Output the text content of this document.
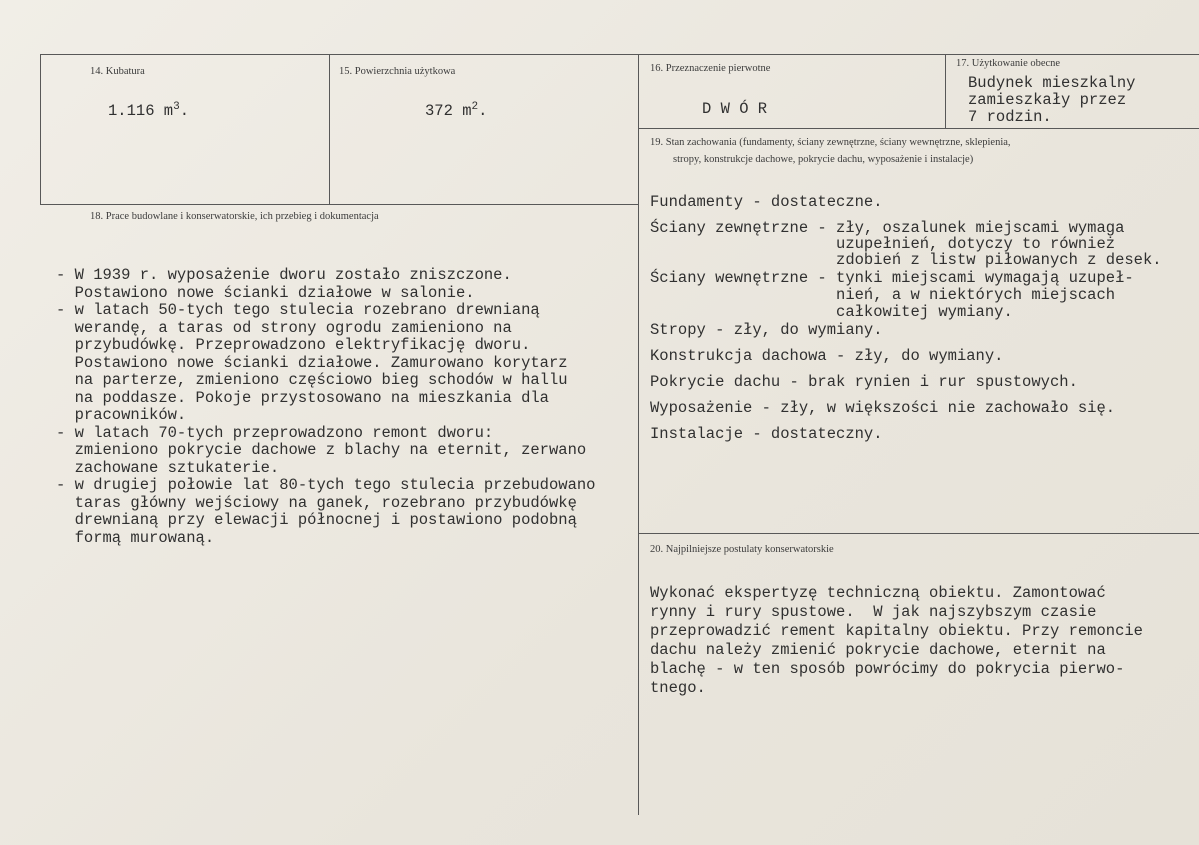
14. Kubatura
1.116 $m^3$.
15. Powierzchnia użytkowa
372 $m^2$.
16. Przeznaczenie pierwotne
D W Ó R
17. Użytkowanie obecne
Budynek mieszkalny
zamieszkały przez
7 rodzin.
19. Stan zachowania (fundamenty, ściany zewnętrzne, ściany wewnętrzne, sklepienia,
stropy, konstrukcje dachowe, pokrycie dachu, wyposażenie i instalacje)
Fundamenty - dostateczne.
Ściany zewnętrzne - zły, oszalunek miejscami wymaga
uzupełnień, dotyczy to również
zdobień z listw piłowanych z desek.
Ściany wewnętrzne - tynki miejscami wymagają uzupeł-
nień, a w niektórych miejscach
całkowitej wymiany.
Stropy - zły, do wymiany.
Konstrukcja dachowa - zły, do wymiany.
Pokrycie dachu - brak rynien i rur spustowych.
Wyposażenie - zły, w większości nie zachowało się.
Instalacje - dostateczny.
18. Prace budowlane i konserwatorskie, ich przebieg i dokumentacja
- W 1939 r. wyposażenie dworu zostało zniszczone.
Postawiono nowe ścianki działowe w salonie.
- w latach 50-tych tego stulecia rozebrano drewnianą
werandę, a taras od strony ogrodu zamieniono na
przybudówkę. Przeprowadzono elektryfikację dworu.
Postawiono nowe ścianki działowe. Zamurowano korytarz
na parterze, zmieniono częściowo bieg schodów w hallu
na poddasze. Pokoje przystosowano na mieszkania dla
pracowników.
- w latach 70-tych przeprowadzono remont dworu:
zmieniono pokrycie dachowe z blachy na eternit, zerwano
zachowane sztukaterie.
- w drugiej połowie lat 80-tych tego stulecia przebudowano
taras główny wejściowy na ganek, rozebrano przybudówkę
drewnianą przy elewacji północnej i postawiono podobną
formą murowaną.
20. Najpilniejsze postulaty konserwatorskie
Wykonać ekspertyzę techniczną obiektu. Zamontować
rynny i rury spustowe.  W jak najszybszym czasie
przeprowadzić rement kapitalny obiektu. Przy remoncie
dachu należy zmienić pokrycie dachowe, eternit na
blachę - w ten sposób powrócimy do pokrycia pierwo-
tnego.
